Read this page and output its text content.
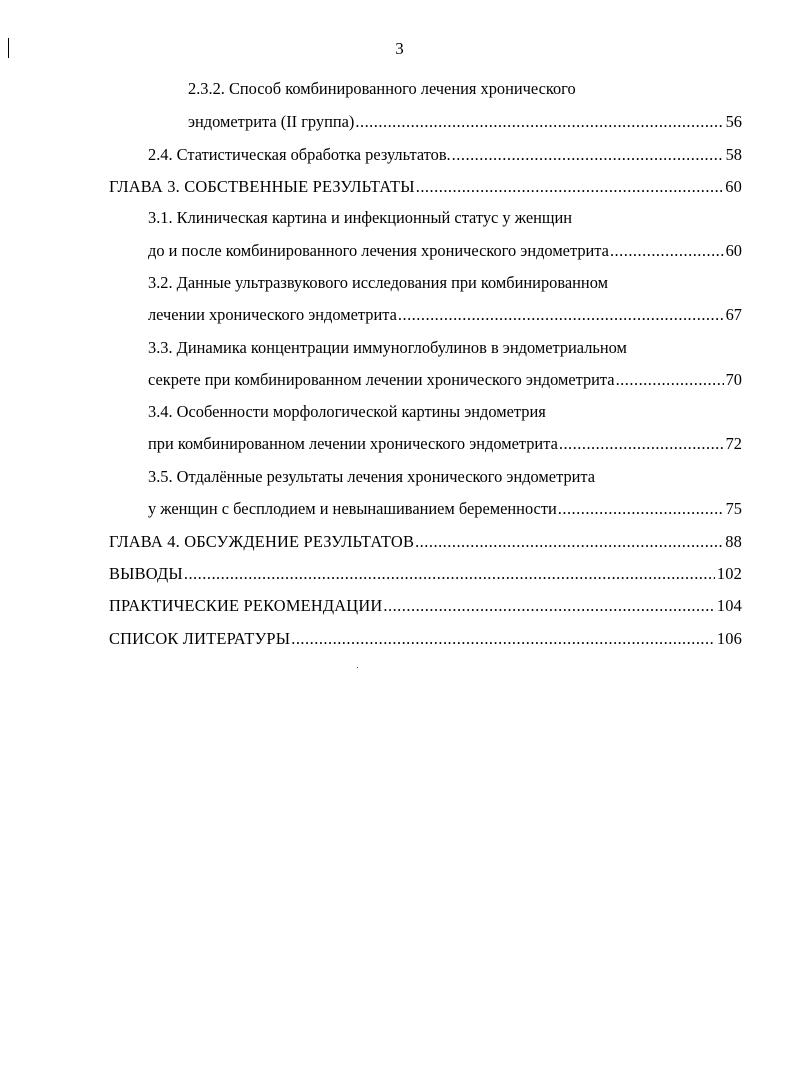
3
2.3.2. Способ комбинированного лечения хронического
эндометрита (II группа) .....	56
2.4. Статистическая обработка результатов. .....	58
ГЛАВА 3. СОБСТВЕННЫЕ РЕЗУЛЬТАТЫ .....	60
3.1. Клиническая картина и инфекционный статус у женщин
до и после комбинированного лечения хронического эндометрита .....	60
3.2. Данные ультразвукового исследования при комбинированном
лечении хронического эндометрита .....	67
3.3. Динамика концентрации иммуноглобулинов в эндометриальном
секрете при комбинированном лечении хронического эндометрита .....	70
3.4. Особенности морфологической картины эндометрия
при комбинированном лечении хронического эндометрита .....	72
3.5. Отдалённые результаты лечения хронического эндометрита
у женщин с бесплодием и невынашиванием беременности .....	75
ГЛАВА 4. ОБСУЖДЕНИЕ РЕЗУЛЬТАТОВ .....	88
ВЫВОДЫ .....	102
ПРАКТИЧЕСКИЕ РЕКОМЕНДАЦИИ .....	104
СПИСОК ЛИТЕРАТУРЫ .....	106
